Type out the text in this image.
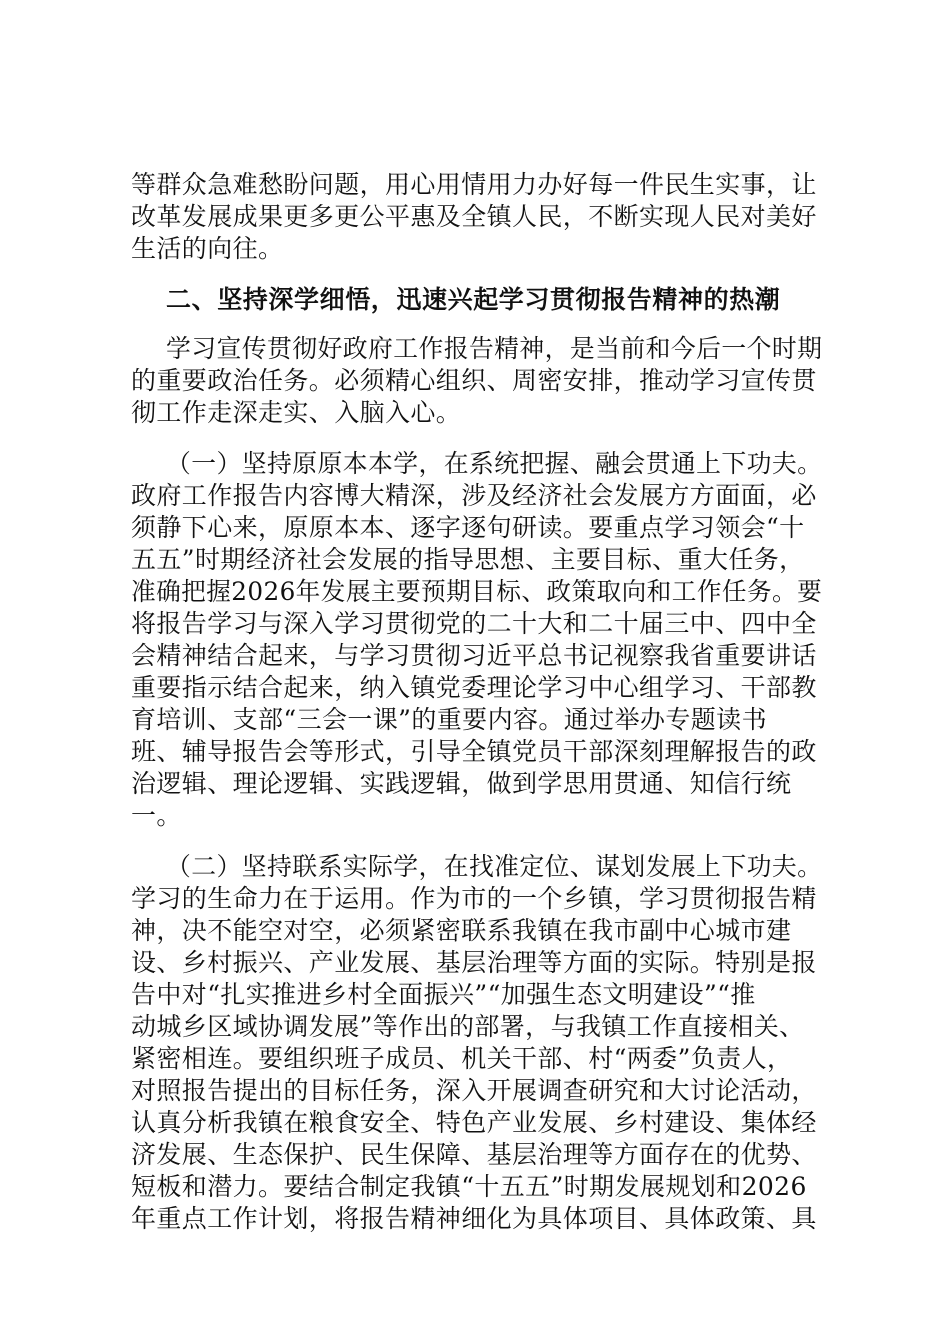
等群众急难愁盼问题，用心用情用力办好每一件民生实事，让

改革发展成果更多更公平惠及全镇人民，不断实现人民对美好

生活的向往。

二、坚持深学细悟，迅速兴起学习贯彻报告精神的热潮

学习宣传贯彻好政府工作报告精神，是当前和今后一个时期

的重要政治任务。必须精心组织、周密安排，推动学习宣传贯

彻工作走深走实、入脑入心。

（一）坚持原原本本学，在系统把握、融会贯通上下功夫。

政府工作报告内容博大精深，涉及经济社会发展方方面面，必

须静下心来，原原本本、逐字逐句研读。要重点学习领会“十

五五”时期经济社会发展的指导思想、主要目标、重大任务，

准确把握2026年发展主要预期目标、政策取向和工作任务。要

将报告学习与深入学习贯彻党的二十大和二十届三中、四中全

会精神结合起来，与学习贯彻习近平总书记视察我省重要讲话

重要指示结合起来，纳入镇党委理论学习中心组学习、干部教

育培训、支部“三会一课”的重要内容。通过举办专题读书

班、辅导报告会等形式，引导全镇党员干部深刻理解报告的政

治逻辑、理论逻辑、实践逻辑，做到学思用贯通、知信行统

一。

（二）坚持联系实际学，在找准定位、谋划发展上下功夫。

学习的生命力在于运用。作为市的一个乡镇，学习贯彻报告精

神，决不能空对空，必须紧密联系我镇在我市副中心城市建

设、乡村振兴、产业发展、基层治理等方面的实际。特别是报

告中对“扎实推进乡村全面振兴”“加强生态文明建设”“推

动城乡区域协调发展”等作出的部署，与我镇工作直接相关、

紧密相连。要组织班子成员、机关干部、村“两委”负责人，

对照报告提出的目标任务，深入开展调查研究和大讨论活动，

认真分析我镇在粮食安全、特色产业发展、乡村建设、集体经

济发展、生态保护、民生保障、基层治理等方面存在的优势、

短板和潜力。要结合制定我镇“十五五”时期发展规划和2026

年重点工作计划，将报告精神细化为具体项目、具体政策、具
